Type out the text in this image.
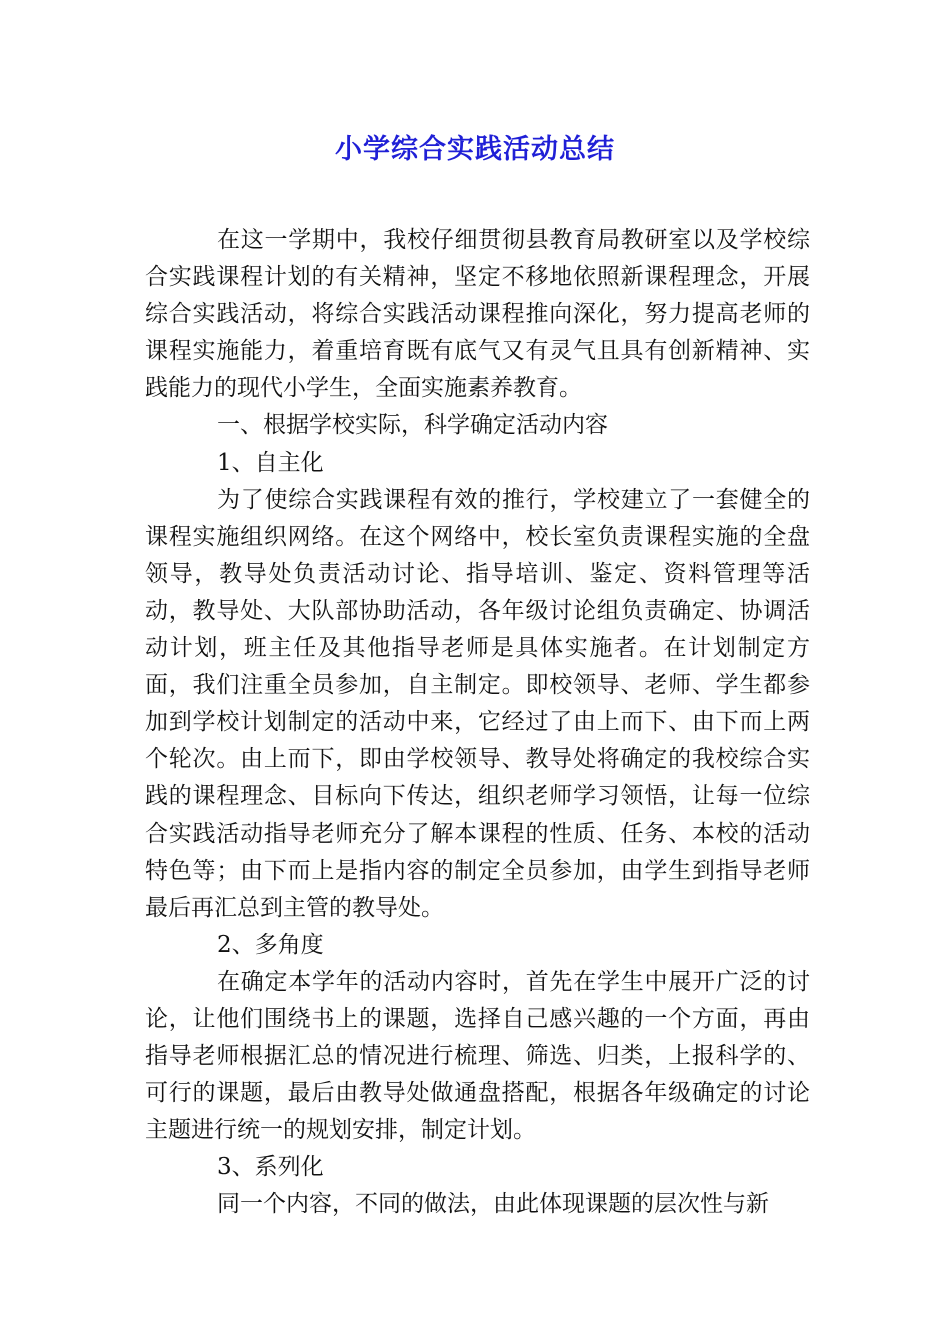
小学综合实践活动总结

在这一学期中，我校仔细贯彻县教育局教研室以及学校综合实践课程计划的有关精神，坚定不移地依照新课程理念，开展综合实践活动，将综合实践活动课程推向深化，努力提高老师的课程实施能力，着重培育既有底气又有灵气且具有创新精神、实践能力的现代小学生，全面实施素养教育。

一、根据学校实际，科学确定活动内容

1、自主化

为了使综合实践课程有效的推行，学校建立了一套健全的课程实施组织网络。在这个网络中，校长室负责课程实施的全盘领导，教导处负责活动讨论、指导培训、鉴定、资料管理等活动，教导处、大队部协助活动，各年级讨论组负责确定、协调活动计划，班主任及其他指导老师是具体实施者。在计划制定方面，我们注重全员参加，自主制定。即校领导、老师、学生都参加到学校计划制定的活动中来，它经过了由上而下、由下而上两个轮次。由上而下，即由学校领导、教导处将确定的我校综合实践的课程理念、目标向下传达，组织老师学习领悟，让每一位综合实践活动指导老师充分了解本课程的性质、任务、本校的活动特色等；由下而上是指内容的制定全员参加，由学生到指导老师最后再汇总到主管的教导处。

2、多角度

在确定本学年的活动内容时，首先在学生中展开广泛的讨论，让他们围绕书上的课题，选择自己感兴趣的一个方面，再由指导老师根据汇总的情况进行梳理、筛选、归类，上报科学的、可行的课题，最后由教导处做通盘搭配，根据各年级确定的讨论主题进行统一的规划安排，制定计划。

3、系列化

同一个内容，不同的做法，由此体现课题的层次性与新
